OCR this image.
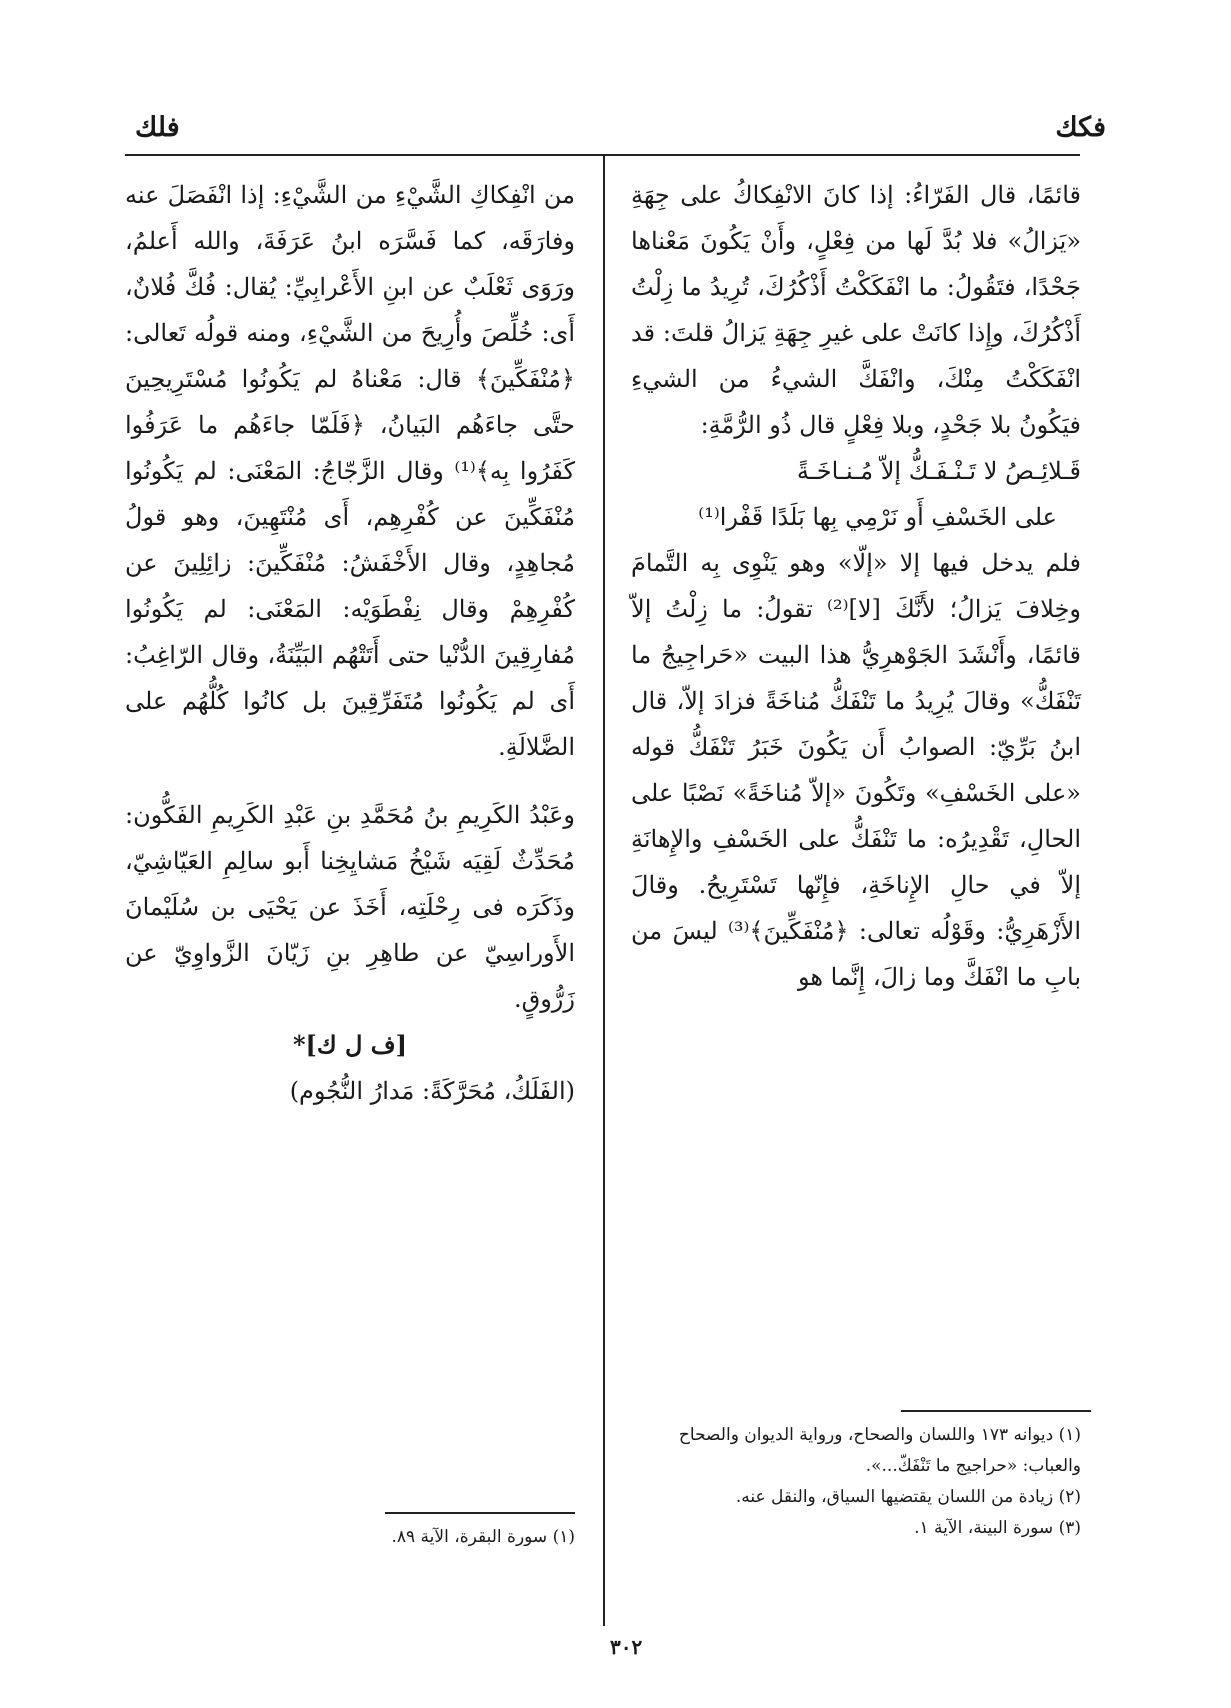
فكك
فلك

قائمًا، قال الفَرّاءُ: إذا كانَ الانْفِكاكُ على جِهَةِ «يَزالُ» فلا بُدَّ لَها من فِعْلٍ، وأَنْ يَكُونَ مَعْناها جَحْدًا، فتَقُولُ: ما انْفَكَكْتُ أَذْكُرُكَ، تُرِيدُ ما زِلْتُ أَذْكُرُكَ، وإِذا كانَتْ على غيرِ جِهَةِ يَزالُ قلتَ: قد انْفَكَكْتُ مِنْكَ، وانْفَكَّ الشيءُ من الشيءِ فيَكُونُ بلا جَحْدٍ، وبلا فِعْلٍ قال ذُو الرُّمَّةِ:

قَـلائِـصُ لا تَـنْـفَـكُّ إلاّ مُـنـاخَـةً

على الخَسْفِ أَو نَرْمِي بِها بَلَدًا قَفْرا⁽¹⁾

فلم يدخل فيها إلا «إلّا» وهو يَنْوِى بِه التَّمامَ وخِلافَ يَزالُ؛ لأَنَّكَ [لا]⁽²⁾ تقولُ: ما زِلْتُ إلاّ قائمًا، وأَنْشَدَ الجَوْهرِيُّ هذا البيت «حَراجِيجُ ما تَنْفَكُّ» وقالَ يُرِيدُ ما تَنْفَكُّ مُناخَةً فزادَ إلاّ، قال ابنُ بَرِّيّ: الصوابُ أَن يَكُونَ خَبَرُ تَنْفَكُّ قوله «على الخَسْفِ» وتَكُونَ «إلاّ مُناخَةً» نَصْبًا على الحالِ، تَقْدِيرُه: ما تَنْفَكُّ على الخَسْفِ والإِهانَةِ إلاّ في حالِ الإِناخَةِ، فإِنّها تَسْتَرِيحُ. وقالَ الأَزْهَرِيُّ: وقَوْلُه تعالى: ﴿مُنْفَكِّينَ﴾⁽³⁾ ليسَ من بابِ ما انْفَكَّ وما زالَ، إِنَّما هو

من انْفِكاكِ الشَّيْءِ من الشَّيْءِ: إذا انْفَصَلَ عنه وفارَقَه، كما فَسَّرَه ابنُ عَرَفَةَ، والله أَعلمُ، ورَوَى ثَعْلَبٌ عن ابنِ الأَعْرابِيِّ: يُقال: فُكَّ فُلانٌ، أَى: خُلِّصَ وأُرِيحَ من الشَّيْءِ، ومنه قولُه تَعالى: ﴿مُنْفَكِّينَ﴾ قال: مَعْناهُ لم يَكُونُوا مُسْتَرِيحِينَ حتَّى جاءَهُم البَيانُ، ﴿فَلَمّا جاءَهُم ما عَرَفُوا كَفَرُوا بِه﴾⁽¹⁾ وقال الزَّجّاجُ: المَعْنَى: لم يَكُونُوا مُنْفَكِّينَ عن كُفْرِهِم، أَى مُنْتَهِينَ، وهو قولُ مُجاهِدٍ، وقال الأَخْفَشُ: مُنْفَكِّينَ: زائِلِينَ عن كُفْرِهِمْ وقال نِفْطَوَيْه: المَعْنَى: لم يَكُونُوا مُفارِقِينَ الدُّنْيا حتى أَتَتْهُم البَيِّنَةُ، وقال الرّاغِبُ: أَى لم يَكُونُوا مُتَفَرِّقِينَ بل كانُوا كُلُّهُم على الضَّلالَةِ.

وعَبْدُ الكَرِيمِ بنُ مُحَمَّدِ بنِ عَبْدِ الكَرِيمِ الفَكُّون: مُحَدِّثٌ لَقِيَه شَيْخُ مَشايِخِنا أَبو سالِمِ العَيّاشِيّ، وذَكَرَه فى رِحْلَتِه، أَخَذَ عن يَحْيَى بن سُلَيْمانَ الأَوراسِيّ عن طاهِرِ بنِ زَيّانَ الزَّواوِيّ عن زَرُّوقٍ.

[ف ل ك]*

(الفَلَكُ، مُحَرَّكَةً: مَدارُ النُّجُوم)

(١) ديوانه ١٧٣ واللسان والصحاح، ورواية الديوان والصحاح والعباب: «حراجيج ما تَنْفَكّ...».

(٢) زيادة من اللسان يقتضيها السياق، والنقل عنه.

(٣) سورة البينة، الآية ١.

(١) سورة البقرة، الآية ٨٩.

٣٠٢
